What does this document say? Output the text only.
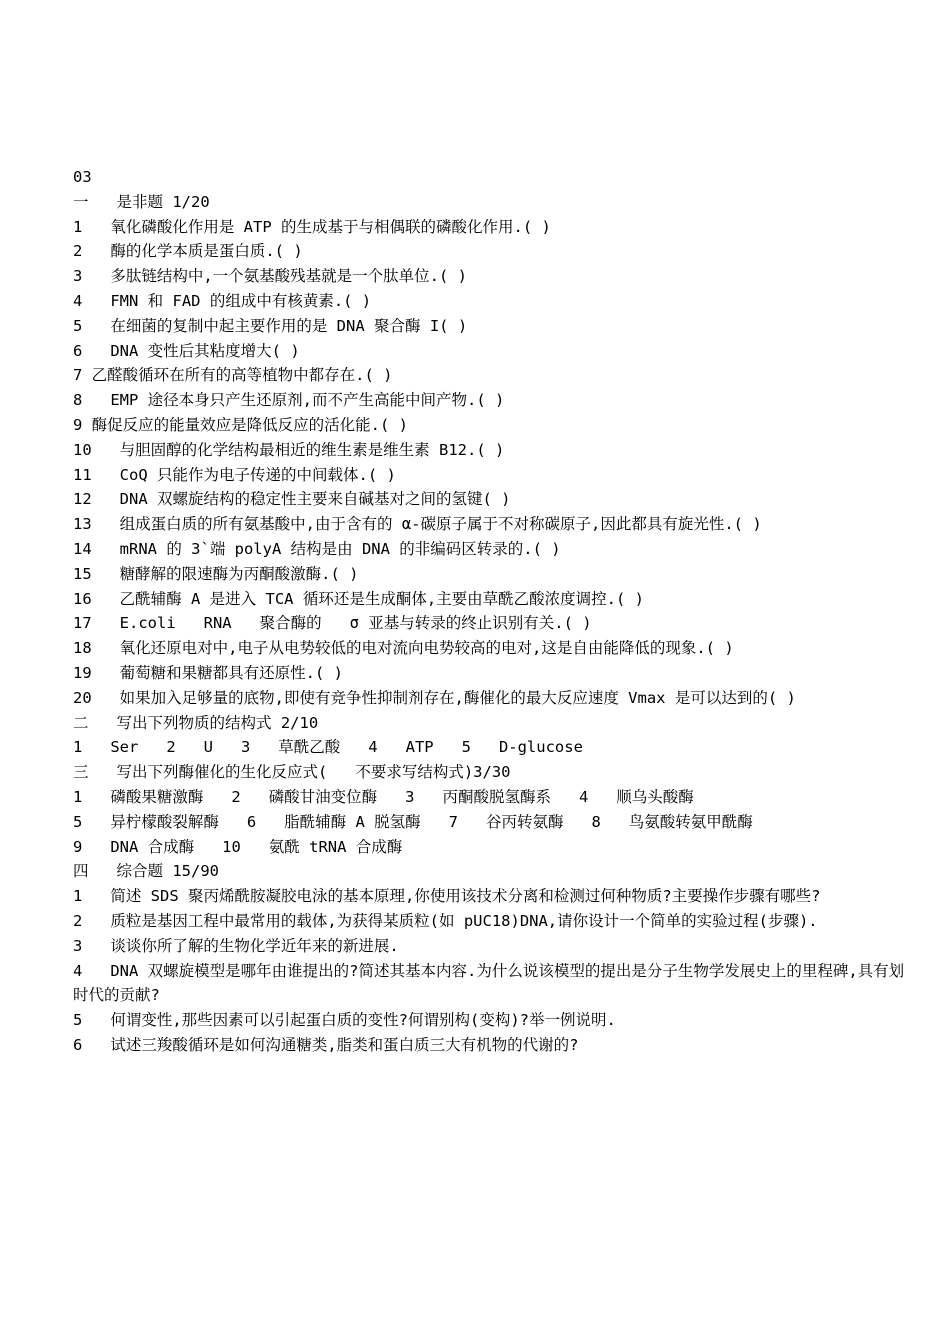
03
一   是非题 1/20
1   氧化磷酸化作用是 ATP 的生成基于与相偶联的磷酸化作用.( )
2   酶的化学本质是蛋白质.( )
3   多肽链结构中,一个氨基酸残基就是一个肽单位.( )
4   FMN 和 FAD 的组成中有核黄素.( )
5   在细菌的复制中起主要作用的是 DNA 聚合酶 I( )
6   DNA 变性后其粘度增大( )
7 乙醛酸循环在所有的高等植物中都存在.( )
8   EMP 途径本身只产生还原剂,而不产生高能中间产物.( )
9 酶促反应的能量效应是降低反应的活化能.( )
10   与胆固醇的化学结构最相近的维生素是维生素 B12.( )
11   CoQ 只能作为电子传递的中间载体.( )
12   DNA 双螺旋结构的稳定性主要来自碱基对之间的氢键( )
13   组成蛋白质的所有氨基酸中,由于含有的 α-碳原子属于不对称碳原子,因此都具有旋光性.( )
14   mRNA 的 3`端 polyA 结构是由 DNA 的非编码区转录的.( )
15   糖酵解的限速酶为丙酮酸激酶.( )
16   乙酰辅酶 A 是进入 TCA 循环还是生成酮体,主要由草酰乙酸浓度调控.( )
17   E.coli   RNA   聚合酶的   σ 亚基与转录的终止识别有关.( )
18   氧化还原电对中,电子从电势较低的电对流向电势较高的电对,这是自由能降低的现象.( )
19   葡萄糖和果糖都具有还原性.( )
20   如果加入足够量的底物,即使有竞争性抑制剂存在,酶催化的最大反应速度 Vmax 是可以达到的( )
二   写出下列物质的结构式 2/10
1   Ser   2   U   3   草酰乙酸   4   ATP   5   D-glucose
三   写出下列酶催化的生化反应式(   不要求写结构式)3/30
1   磷酸果糖激酶   2   磷酸甘油变位酶   3   丙酮酸脱氢酶系   4   顺乌头酸酶
5   异柠檬酸裂解酶   6   脂酰辅酶 A 脱氢酶   7   谷丙转氨酶   8   鸟氨酸转氨甲酰酶
9   DNA 合成酶   10   氨酰 tRNA 合成酶
四   综合题 15/90
1   简述 SDS 聚丙烯酰胺凝胶电泳的基本原理,你使用该技术分离和检测过何种物质?主要操作步骤有哪些?
2   质粒是基因工程中最常用的载体,为获得某质粒(如 pUC18)DNA,请你设计一个简单的实验过程(步骤).
3   谈谈你所了解的生物化学近年来的新进展.
4   DNA 双螺旋模型是哪年由谁提出的?简述其基本内容.为什么说该模型的提出是分子生物学发展史上的里程碑,具有划时代的贡献?
5   何谓变性,那些因素可以引起蛋白质的变性?何谓别构(变构)?举一例说明.
6   试述三羧酸循环是如何沟通糖类,脂类和蛋白质三大有机物的代谢的?
